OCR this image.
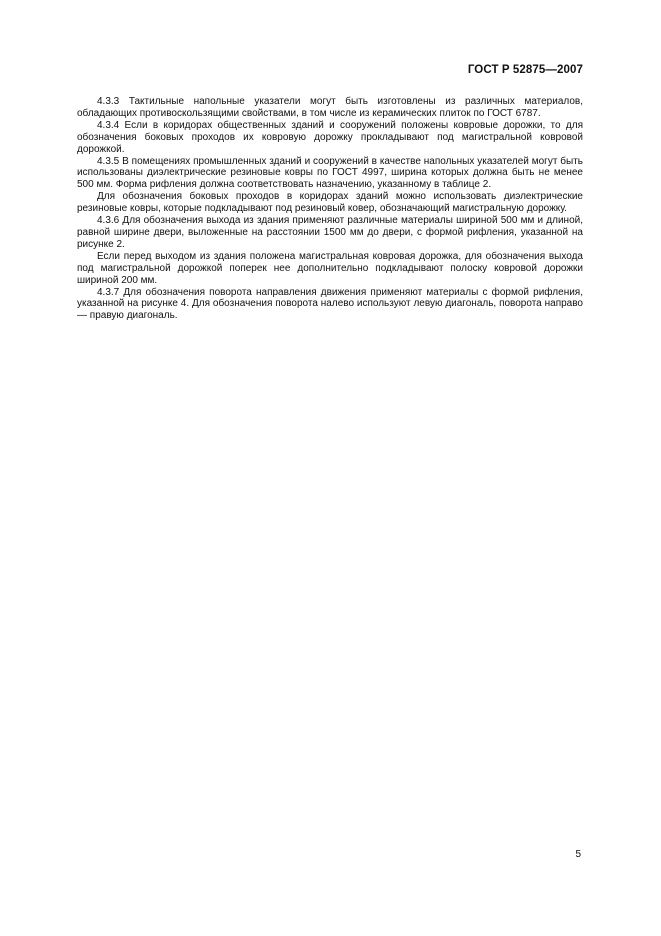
ГОСТ Р 52875—2007

4.3.3 Тактильные напольные указатели могут быть изготовлены из различных материалов, обладающих противоскользящими свойствами, в том числе из керамических плиток по ГОСТ 6787.

4.3.4 Если в коридорах общественных зданий и сооружений положены ковровые дорожки, то для обозначения боковых проходов их ковровую дорожку прокладывают под магистральной ковровой дорожкой.

4.3.5 В помещениях промышленных зданий и сооружений в качестве напольных указателей могут быть использованы диэлектрические резиновые ковры по ГОСТ 4997, ширина которых должна быть не менее 500 мм. Форма рифления должна соответствовать назначению, указанному в таблице 2.

Для обозначения боковых проходов в коридорах зданий можно использовать диэлектрические резиновые ковры, которые подкладывают под резиновый ковер, обозначающий магистральную дорожку.

4.3.6 Для обозначения выхода из здания применяют различные материалы шириной 500 мм и длиной, равной ширине двери, выложенные на расстоянии 1500 мм до двери, с формой рифления, указанной на рисунке 2.

Если перед выходом из здания положена магистральная ковровая дорожка, для обозначения выхода под магистральной дорожкой поперек нее дополнительно подкладывают полоску ковровой дорожки шириной 200 мм.

4.3.7 Для обозначения поворота направления движения применяют материалы с формой рифления, указанной на рисунке 4. Для обозначения поворота налево используют левую диагональ, поворота направо — правую диагональ.

5
